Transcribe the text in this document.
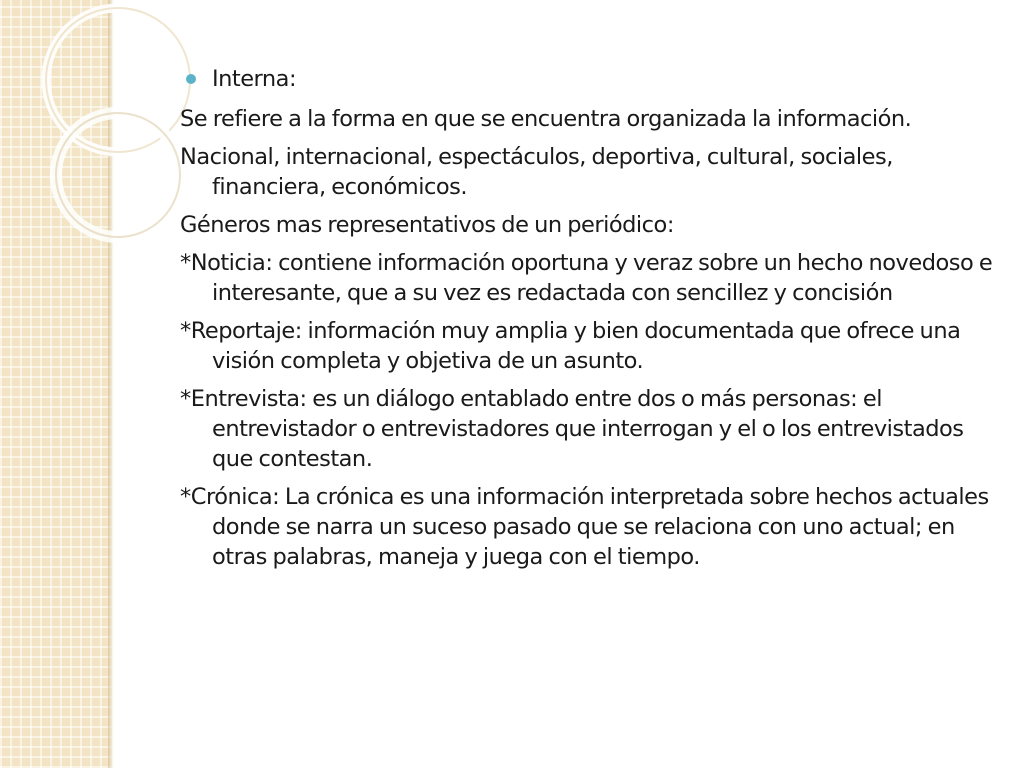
Interna:
Se refiere a la forma en que se encuentra organizada la información.
Nacional, internacional, espectáculos, deportiva, cultural, sociales, financiera, económicos.
Géneros mas representativos de un periódico:
*Noticia: contiene información oportuna y veraz sobre un hecho novedoso e interesante, que a su vez es redactada con sencillez y concisión
*Reportaje: información muy amplia y bien documentada que ofrece una visión completa y objetiva de un asunto.
*Entrevista: es un diálogo entablado entre dos o más personas: el entrevistador o entrevistadores que interrogan y el o los entrevistados que contestan.
*Crónica: La crónica es una información interpretada sobre hechos actuales donde se narra un suceso pasado que se relaciona con uno actual; en otras palabras, maneja y juega con el tiempo.
